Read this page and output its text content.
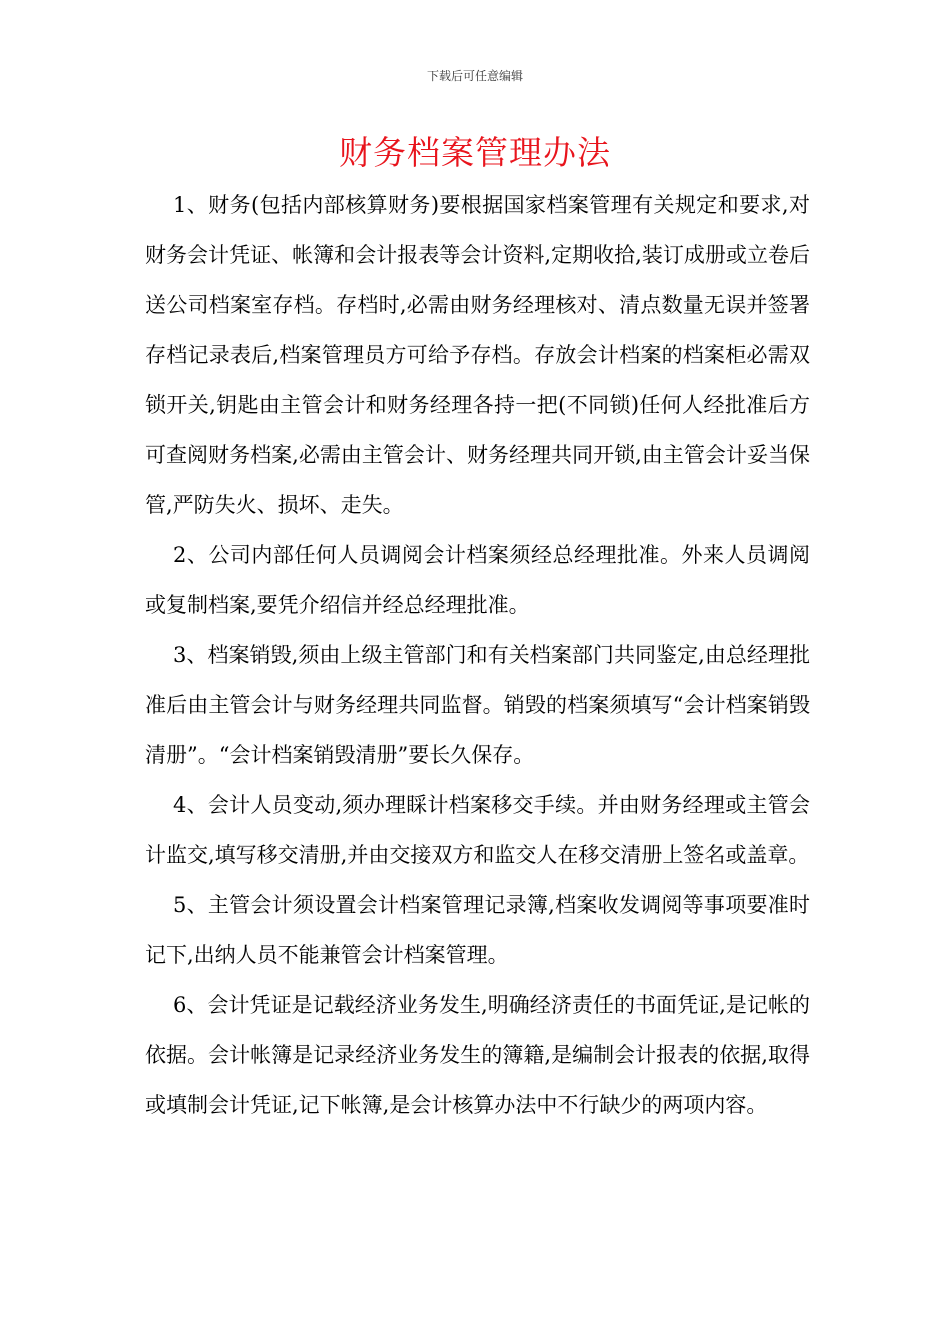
下载后可任意编辑
财务档案管理办法

1、财务(包括内部核算财务)要根据国家档案管理有关规定和要求,对财务会计凭证、帐簿和会计报表等会计资料,定期收拾,装订成册或立卷后送公司档案室存档。存档时,必需由财务经理核对、清点数量无误并签署存档记录表后,档案管理员方可给予存档。存放会计档案的档案柜必需双锁开关,钥匙由主管会计和财务经理各持一把(不同锁)任何人经批准后方可查阅财务档案,必需由主管会计、财务经理共同开锁,由主管会计妥当保管,严防失火、损坏、走失。

2、公司内部任何人员调阅会计档案须经总经理批准。外来人员调阅或复制档案,要凭介绍信并经总经理批准。

3、档案销毁,须由上级主管部门和有关档案部门共同鉴定,由总经理批准后由主管会计与财务经理共同监督。销毁的档案须填写“会计档案销毁清册”。“会计档案销毁清册”要长久保存。

4、会计人员变动,须办理睬计档案移交手续。并由财务经理或主管会计监交,填写移交清册,并由交接双方和监交人在移交清册上签名或盖章。

5、主管会计须设置会计档案管理记录簿,档案收发调阅等事项要准时记下,出纳人员不能兼管会计档案管理。

6、会计凭证是记载经济业务发生,明确经济责任的书面凭证,是记帐的依据。会计帐簿是记录经济业务发生的簿籍,是编制会计报表的依据,取得或填制会计凭证,记下帐簿,是会计核算办法中不行缺少的两项内容。
